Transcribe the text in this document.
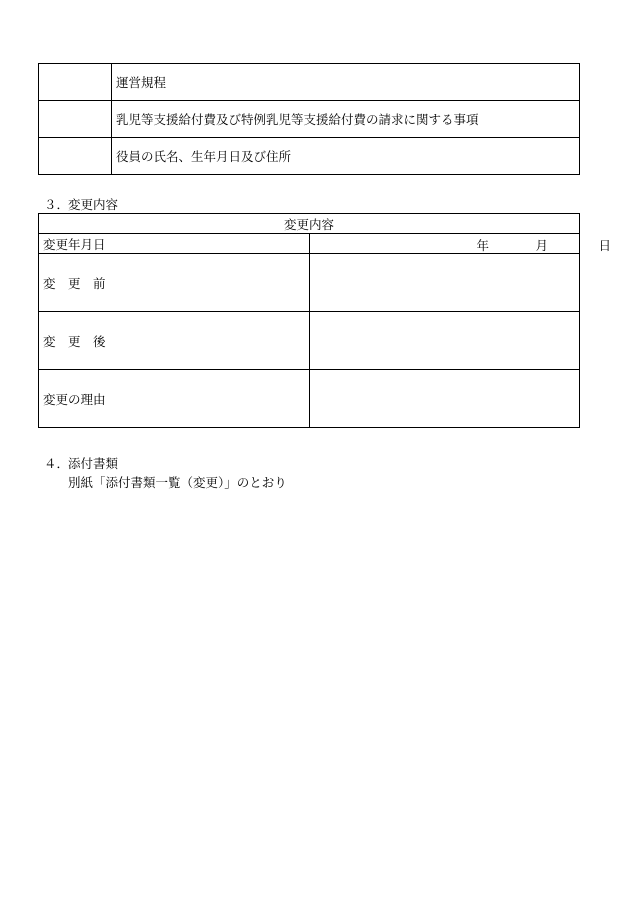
	運営規程
	乳児等支援給付費及び特例乳児等支援給付費の請求に関する事項
	役員の氏名、生年月日及び住所
３．変更内容
変更内容	
変更年月日	年 月 日

変　更　前	
変　更　後	
変更の理由	
４．添付書類
別紙「添付書類一覧（変更）」のとおり
